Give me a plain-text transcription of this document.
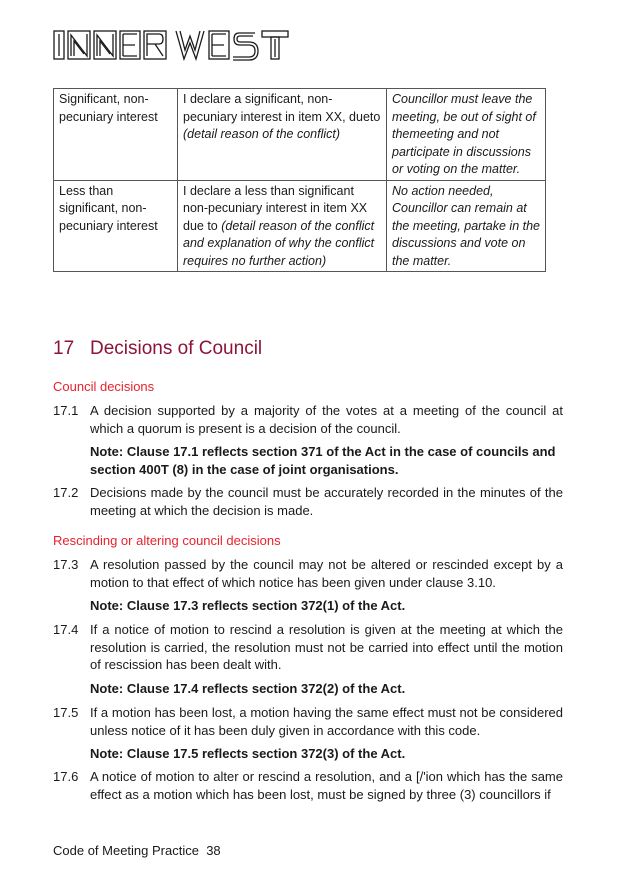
Significant, non-pecuniary interest	I declare a significant, non-pecuniary interest in item XX, dueto (detail reason of the conflict)	Councillor must leave the meeting, be out of sight of themeeting and not participate in discussions or voting on the matter.
Less than significant, non-pecuniary interest	I declare a less than significant non-pecuniary interest in item XX due to (detail reason of the conflict and explanation of why the conflict requires no further action)	No action needed, Councillor can remain at the meeting, partake in the discussions and vote on the matter.
17 Decisions of Council
Council decisions
17.1 A decision supported by a majority of the votes at a meeting of the council at which a quorum is present is a decision of the council.
Note: Clause 17.1 reflects section 371 of the Act in the case of councils and section 400T (8) in the case of joint organisations.
17.2 Decisions made by the council must be accurately recorded in the minutes of the meeting at which the decision is made.
Rescinding or altering council decisions
17.3 A resolution passed by the council may not be altered or rescinded except by a motion to that effect of which notice has been given under clause 3.10.
Note: Clause 17.3 reflects section 372(1) of the Act.
17.4 If a notice of motion to rescind a resolution is given at the meeting at which the resolution is carried, the resolution must not be carried into effect until the motion of rescission has been dealt with.
Note: Clause 17.4 reflects section 372(2) of the Act.
17.5 If a motion has been lost, a motion having the same effect must not be considered unless notice of it has been duly given in accordance with this code.
Note: Clause 17.5 reflects section 372(3) of the Act.
17.6 A notice of motion to alter or rescind a resolution, and a [/'ion which has the same effect as a motion which has been lost, must be signed by three (3) councillors if
Code of Meeting Practice 38
